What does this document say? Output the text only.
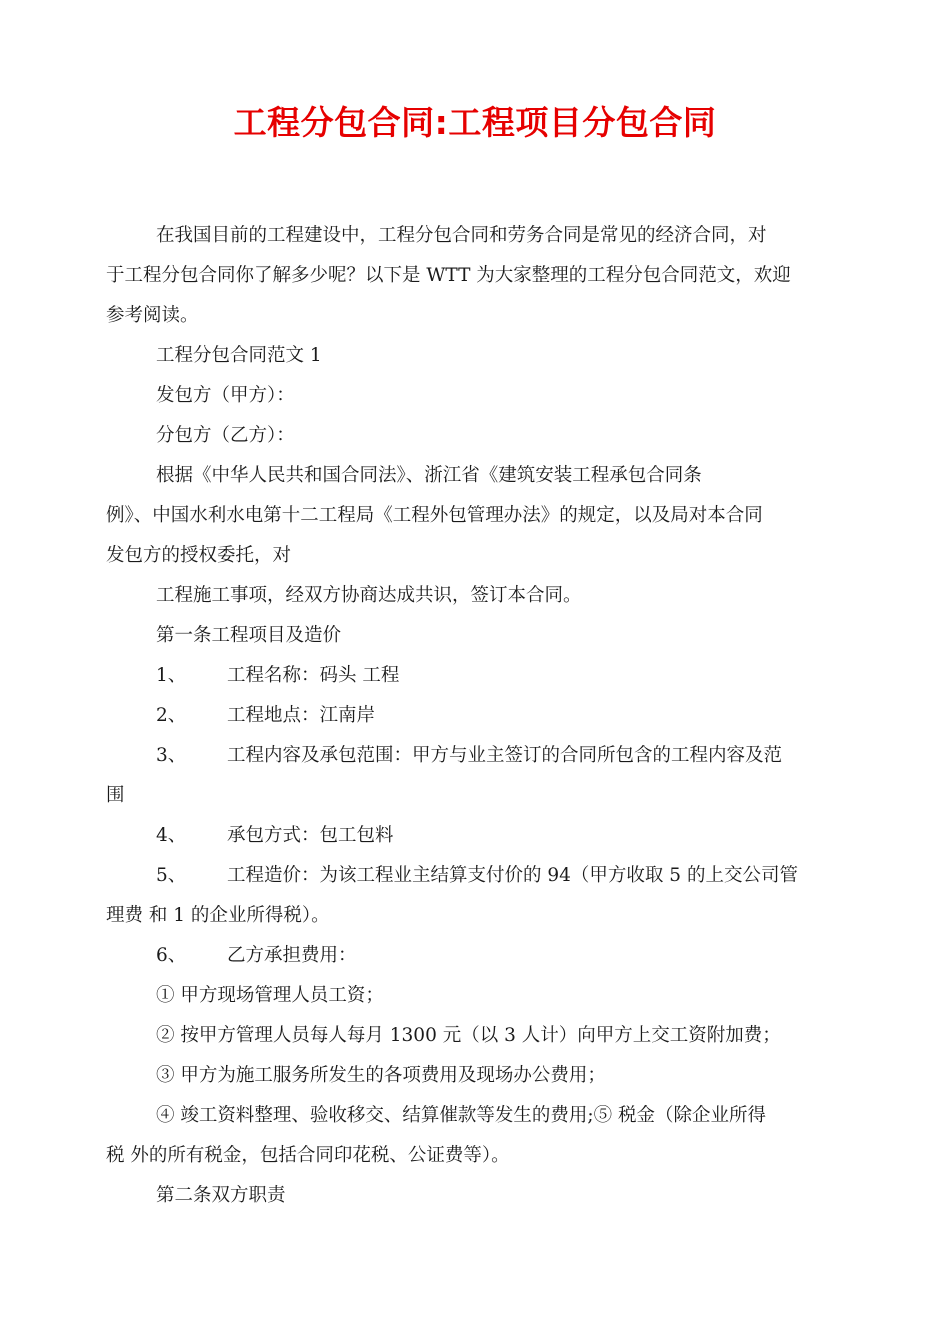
工程分包合同:工程项目分包合同

在我国目前的工程建设中，工程分包合同和劳务合同是常见的经济合同，对

于工程分包合同你了解多少呢？以下是 WTT 为大家整理的工程分包合同范文，欢迎

参考阅读。

工程分包合同范文 1

发包方（甲方）：

分包方（乙方）：

根据《中华人民共和国合同法》、浙江省《建筑安装工程承包合同条

例》、中国水利水电第十二工程局《工程外包管理办法》的规定，以及局对本合同

发包方的授权委托，对

工程施工事项，经双方协商达成共识，签订本合同。

第一条工程项目及造价

1、 工程名称：码头 工程

2、 工程地点：江南岸

3、 工程内容及承包范围：甲方与业主签订的合同所包含的工程内容及范

围

4、 承包方式：包工包料

5、 工程造价：为该工程业主结算支付价的 94（甲方收取 5 的上交公司管

理费 和 1 的企业所得税）。

6、 乙方承担费用：

① 甲方现场管理人员工资；

② 按甲方管理人员每人每月 1300 元（以 3 人计）向甲方上交工资附加费；

③ 甲方为施工服务所发生的各项费用及现场办公费用；

④ 竣工资料整理、验收移交、结算催款等发生的费用;⑤ 税金（除企业所得

税 外的所有税金，包括合同印花税、公证费等）。

第二条双方职责
